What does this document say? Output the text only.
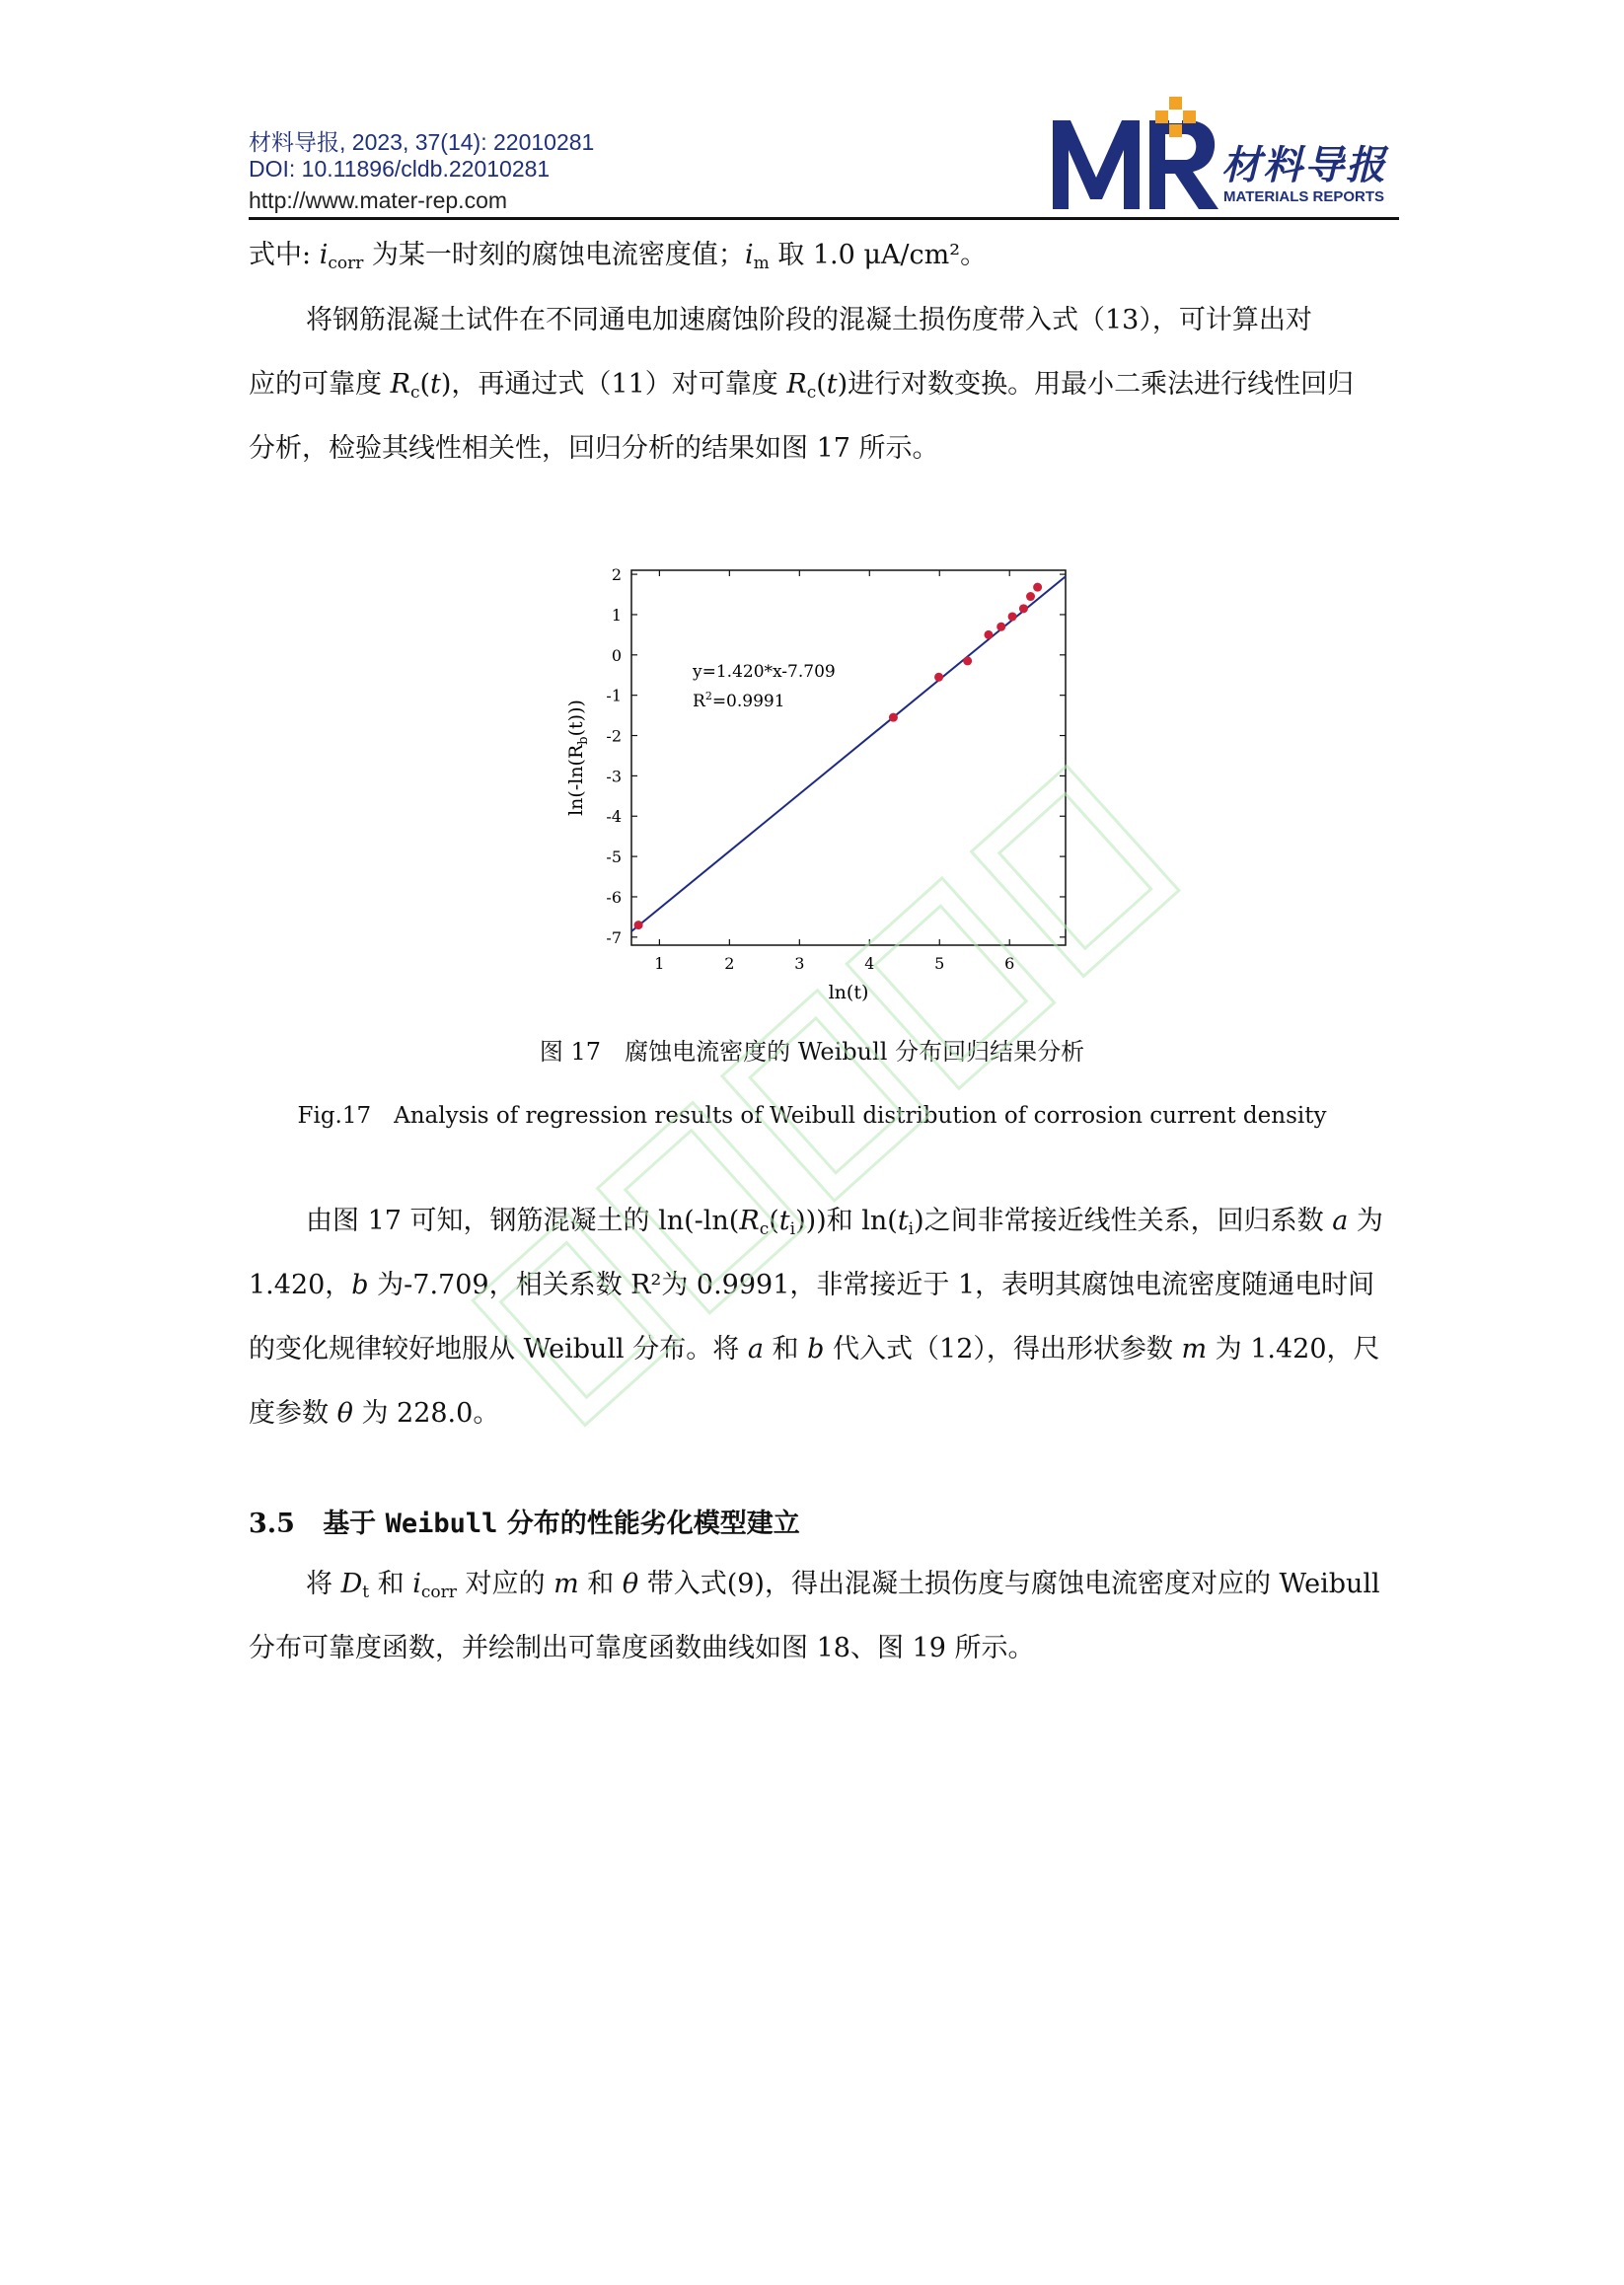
材料导报, 2023, 37(14): 22010281
DOI: 10.11896/cldb.22010281
http://www.mater-rep.com
材料导报
MATERIALS REPORTS
式中: $i_{corr}$ 为某一时刻的腐蚀电流密度值；$i_m$ 取 1.0 μA/cm²。
将钢筋混凝土试件在不同通电加速腐蚀阶段的混凝土损伤度带入式（13），可计算出对
应的可靠度 $R_c(t)$，再通过式（11）对可靠度 $R_c(t)$进行对数变换。用最小二乘法进行线性回归
分析，检验其线性相关性，回归分析的结果如图 17 所示。
1	2	3	4	5	6
2
1
0
-1
-2
-3
-4
-5
-6
-7
y=1.420*x-7.709
$R^2=0.9991$
ln(t)
$\ln(-\ln(R_b(t)))$
图 17　腐蚀电流密度的 Weibull 分布回归结果分析
Fig.17　Analysis of regression results of Weibull distribution of corrosion current density
由图 17 可知，钢筋混凝土的 $\ln(-\ln(R_c(t_i)))$和 $\ln(t_i)$之间非常接近线性关系，回归系数 a 为
1.420，b 为-7.709，相关系数 R²为 0.9991，非常接近于 1，表明其腐蚀电流密度随通电时间
的变化规律较好地服从 Weibull 分布。将 a 和 b 代入式（12），得出形状参数 m 为 1.420，尺
度参数 θ 为 228.0。
3.5 基于 Weibull 分布的性能劣化模型建立
将 $D_t$ 和 $i_{corr}$ 对应的 m 和 θ 带入式(9)，得出混凝土损伤度与腐蚀电流密度对应的 Weibull
分布可靠度函数，并绘制出可靠度函数曲线如图 18、图 19 所示。
